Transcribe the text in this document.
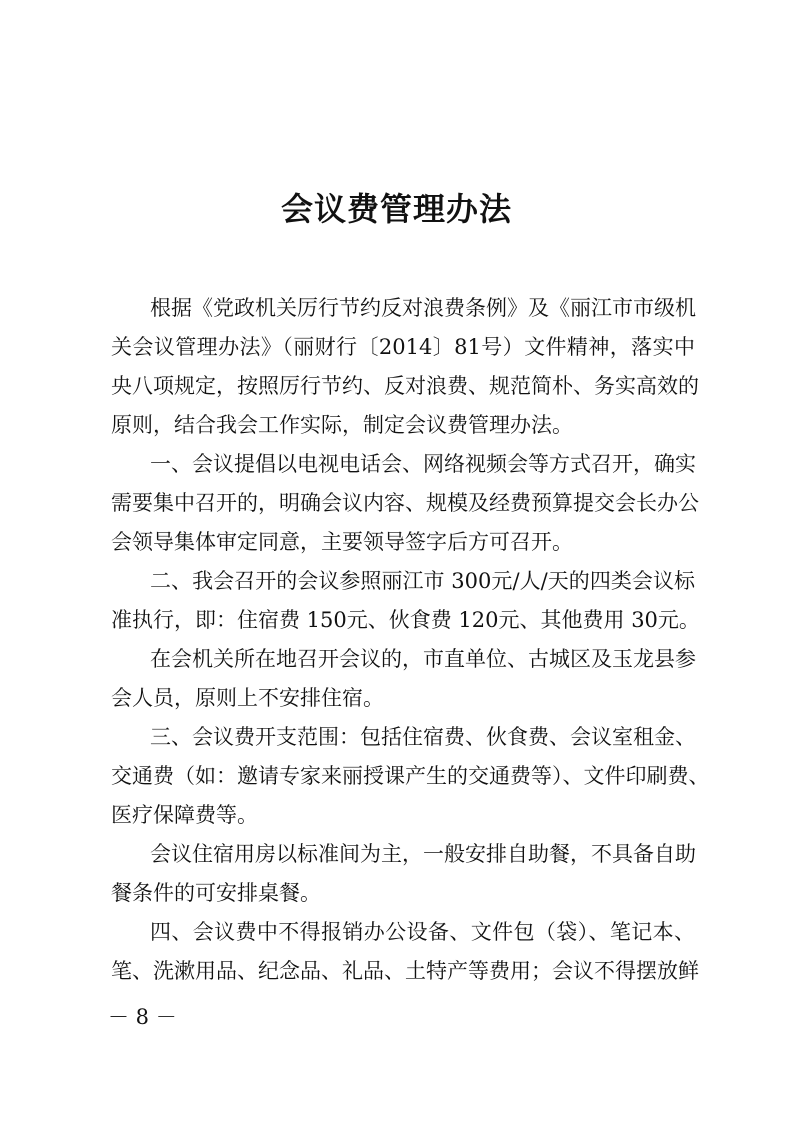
会议费管理办法
根据《党政机关厉行节约反对浪费条例》及《丽江市市级机
关会议管理办法》（丽财行〔2014〕81号）文件精神，落实中
央八项规定，按照厉行节约、反对浪费、规范简朴、务实高效的
原则，结合我会工作实际，制定会议费管理办法。
一、会议提倡以电视电话会、网络视频会等方式召开，确实
需要集中召开的，明确会议内容、规模及经费预算提交会长办公
会领导集体审定同意，主要领导签字后方可召开。
二、我会召开的会议参照丽江市 300元/人/天的四类会议标
准执行，即：住宿费 150元、伙食费 120元、其他费用 30元。
在会机关所在地召开会议的，市直单位、古城区及玉龙县参
会人员，原则上不安排住宿。
三、会议费开支范围：包括住宿费、伙食费、会议室租金、
交通费（如：邀请专家来丽授课产生的交通费等）、文件印刷费、
医疗保障费等。
会议住宿用房以标准间为主，一般安排自助餐，不具备自助
餐条件的可安排桌餐。
四、会议费中不得报销办公设备、文件包（袋）、笔记本、
笔、洗漱用品、纪念品、礼品、土特产等费用；会议不得摆放鲜
－ 8 －
